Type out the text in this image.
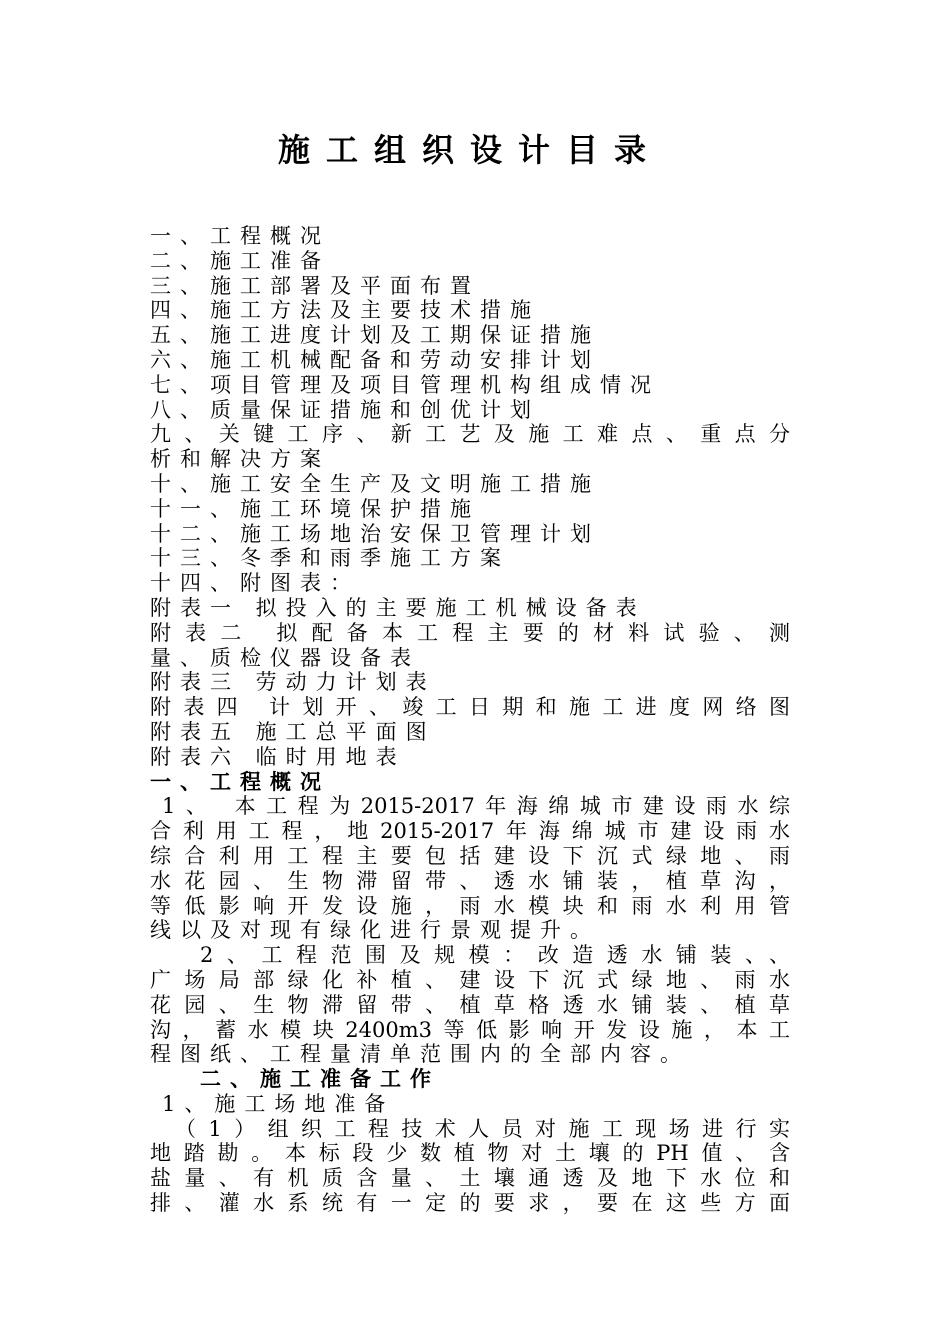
施工组织设计目录
一、工程概况
二、施工准备
三、施工部署及平面布置
四、施工方法及主要技术措施
五、施工进度计划及工期保证措施
六、施工机械配备和劳动安排计划
七、项目管理及项目管理机构组成情况
八、质量保证措施和创优计划
九、关键工序、新工艺及施工难点、重点分
析和解决方案
十、施工安全生产及文明施工措施
十一、施工环境保护措施
十二、施工场地治安保卫管理计划
十三、冬季和雨季施工方案
十四、附图表：
附表一 拟投入的主要施工机械设备表
附表二 拟配备本工程主要的材料试验、测
量、质检仪器设备表
附表三 劳动力计划表
附表四 计划开、竣工日期和施工进度网络图
附表五 施工总平面图
附表六 临时用地表
一、工程概况
1、 本工程为2015-2017年海绵城市建设雨水综
合利用工程，地2015-2017年海绵城市建设雨水
综合利用工程主要包括建设下沉式绿地、雨
水花园、生物滞留带、透水铺装，植草沟，
等低影响开发设施，雨水模块和雨水利用管
线以及对现有绿化进行景观提升。
2、工程范围及规模：改造透水铺装、、
广场局部绿化补植、建设下沉式绿地、雨水
花园、生物滞留带、植草格透水铺装、植草
沟，蓄水模块2400m3等低影响开发设施，本工
程图纸、工程量清单范围内的全部内容。
二、施工准备工作
1、施工场地准备
（1）组织工程技术人员对施工现场进行实
地踏勘。本标段少数植物对土壤的PH值、含
盐量、有机质含量、土壤通透及地下水位和
排、灌水系统有一定的要求，要在这些方面
